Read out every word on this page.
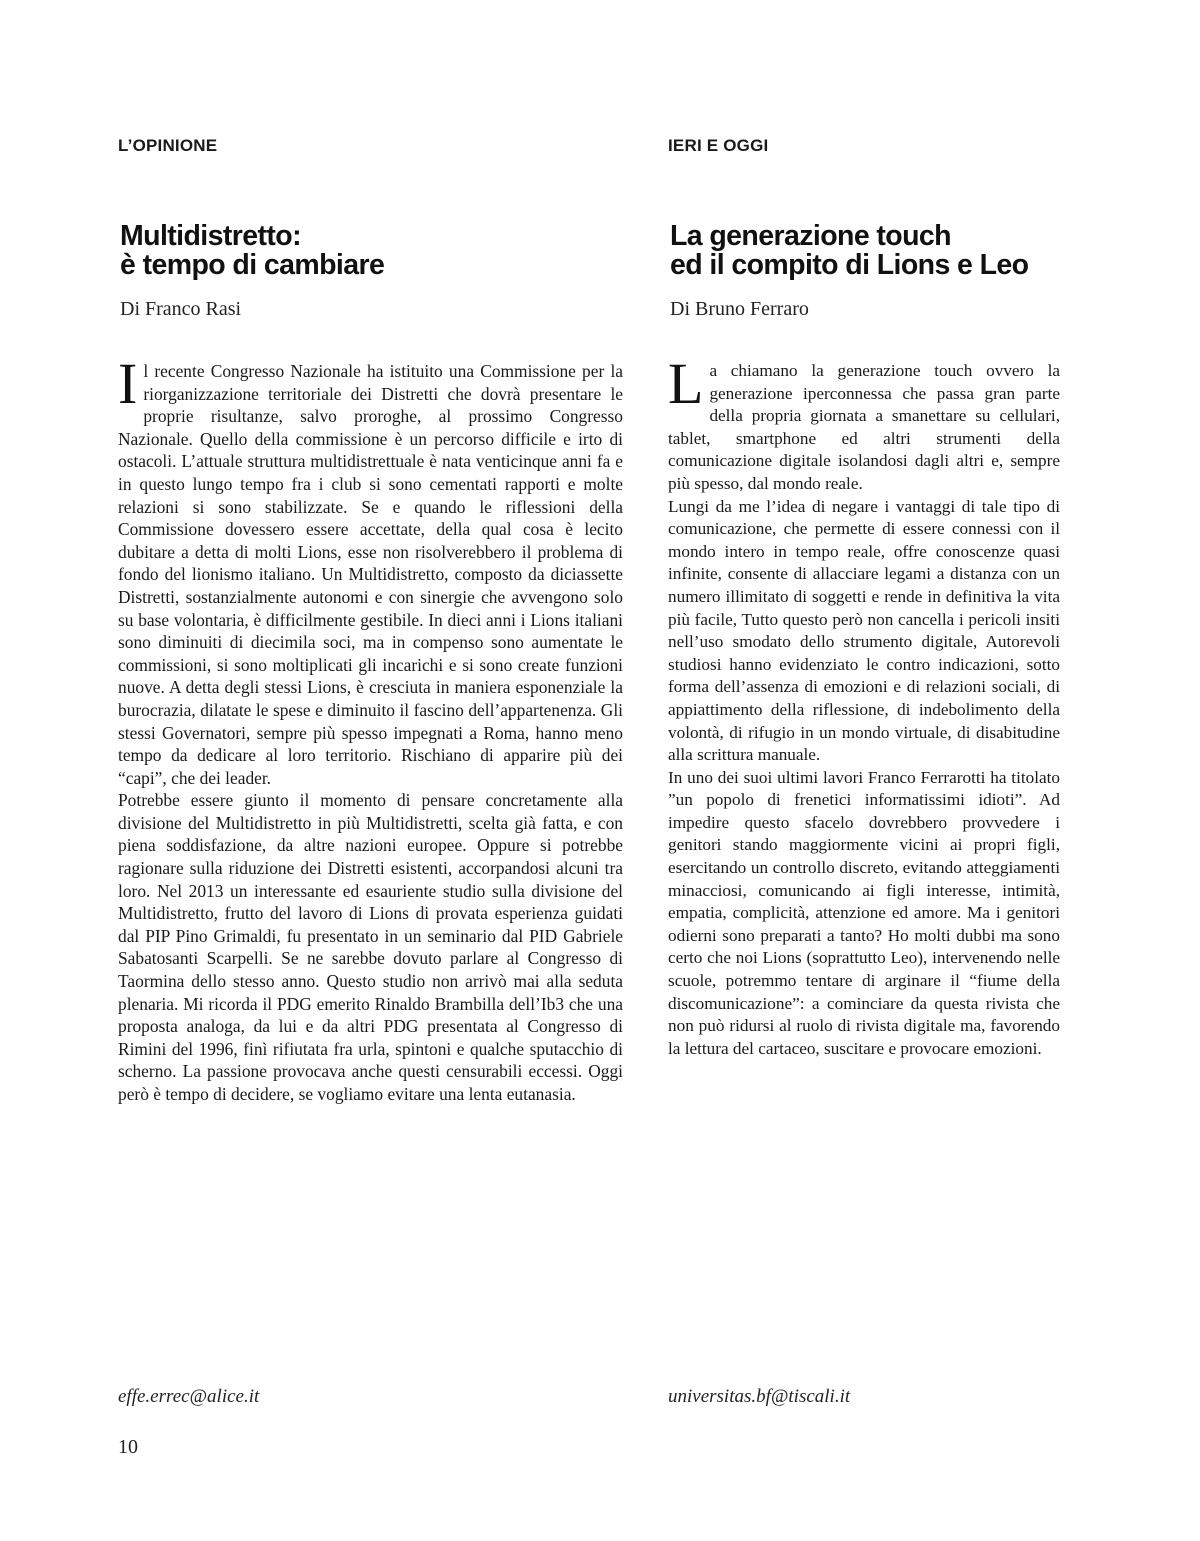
L’OPINIONE
Multidistretto:
è tempo di cambiare

Di Franco Rasi

Il recente Congresso Nazionale ha istituito una Commissione per la riorganizzazione territoriale dei Distretti che dovrà presentare le proprie risultanze, salvo proroghe, al prossimo Congresso Nazionale. Quello della commissione è un percorso difficile e irto di ostacoli. L’attuale struttura multidistrettuale è nata venticinque anni fa e in questo lungo tempo fra i club si sono cementati rapporti e molte relazioni si sono stabilizzate. Se e quando le riflessioni della Commissione dovessero essere accettate, della qual cosa è lecito dubitare a detta di molti Lions, esse non risolverebbero il problema di fondo del lionismo italiano. Un Multidistretto, composto da diciassette Distretti, sostanzialmente autonomi e con sinergie che avvengono solo su base volontaria, è difficilmente gestibile. In dieci anni i Lions italiani sono diminuiti di diecimila soci, ma in compenso sono aumentate le commissioni, si sono moltiplicati gli incarichi e si sono create funzioni nuove. A detta degli stessi Lions, è cresciuta in maniera esponenziale la burocrazia, dilatate le spese e diminuito il fascino dell’appartenenza. Gli stessi Governatori, sempre più spesso impegnati a Roma, hanno meno tempo da dedicare al loro territorio. Rischiano di apparire più dei “capi”, che dei leader.

Potrebbe essere giunto il momento di pensare concretamente alla divisione del Multidistretto in più Multidistretti, scelta già fatta, e con piena soddisfazione, da altre nazioni europee. Oppure si potrebbe ragionare sulla riduzione dei Distretti esistenti, accorpandosi alcuni tra loro. Nel 2013 un interessante ed esauriente studio sulla divisione del Multidistretto, frutto del lavoro di Lions di provata esperienza guidati dal PIP Pino Grimaldi, fu presentato in un seminario dal PID Gabriele Sabatosanti Scarpelli. Se ne sarebbe dovuto parlare al Congresso di Taormina dello stesso anno. Questo studio non arrivò mai alla seduta plenaria. Mi ricorda il PDG emerito Rinaldo Brambilla dell’Ib3 che una proposta analoga, da lui e da altri PDG presentata al Congresso di Rimini del 1996, finì rifiutata fra urla, spintoni e qualche sputacchio di scherno. La passione provocava anche questi censurabili eccessi. Oggi però è tempo di decidere, se vogliamo evitare una lenta eutanasia.

effe.errec@alice.it

IERI E OGGI
La generazione touch
ed il compito di Lions e Leo

Di Bruno Ferraro

La chiamano la generazione touch ovvero la generazione iperconnessa che passa gran parte della propria giornata a smanettare su cellulari, tablet, smartphone ed altri strumenti della comunicazione digitale isolandosi dagli altri e, sempre più spesso, dal mondo reale.

Lungi da me l’idea di negare i vantaggi di tale tipo di comunicazione, che permette di essere connessi con il mondo intero in tempo reale, offre conoscenze quasi infinite, consente di allacciare legami a distanza con un numero illimitato di soggetti e rende in definitiva la vita più facile, Tutto questo però non cancella i pericoli insiti nell’uso smodato dello strumento digitale, Autorevoli studiosi hanno evidenziato le contro indicazioni, sotto forma dell’assenza di emozioni e di relazioni sociali, di appiattimento della riflessione, di indebolimento della volontà, di rifugio in un mondo virtuale, di disabitudine alla scrittura manuale.

In uno dei suoi ultimi lavori Franco Ferrarotti ha titolato ”un popolo di frenetici informatissimi idioti”. Ad impedire questo sfacelo dovrebbero provvedere i genitori stando maggiormente vicini ai propri figli, esercitando un controllo discreto, evitando atteggiamenti minacciosi, comunicando ai figli interesse, intimità, empatia, complicità, attenzione ed amore. Ma i genitori odierni sono preparati a tanto? Ho molti dubbi ma sono certo che noi Lions (soprattutto Leo), intervenendo nelle scuole, potremmo tentare di arginare il “fiume della discomunicazione”: a cominciare da questa rivista che non può ridursi al ruolo di rivista digitale ma, favorendo la lettura del cartaceo, suscitare e provocare emozioni.

universitas.bf@tiscali.it

10
